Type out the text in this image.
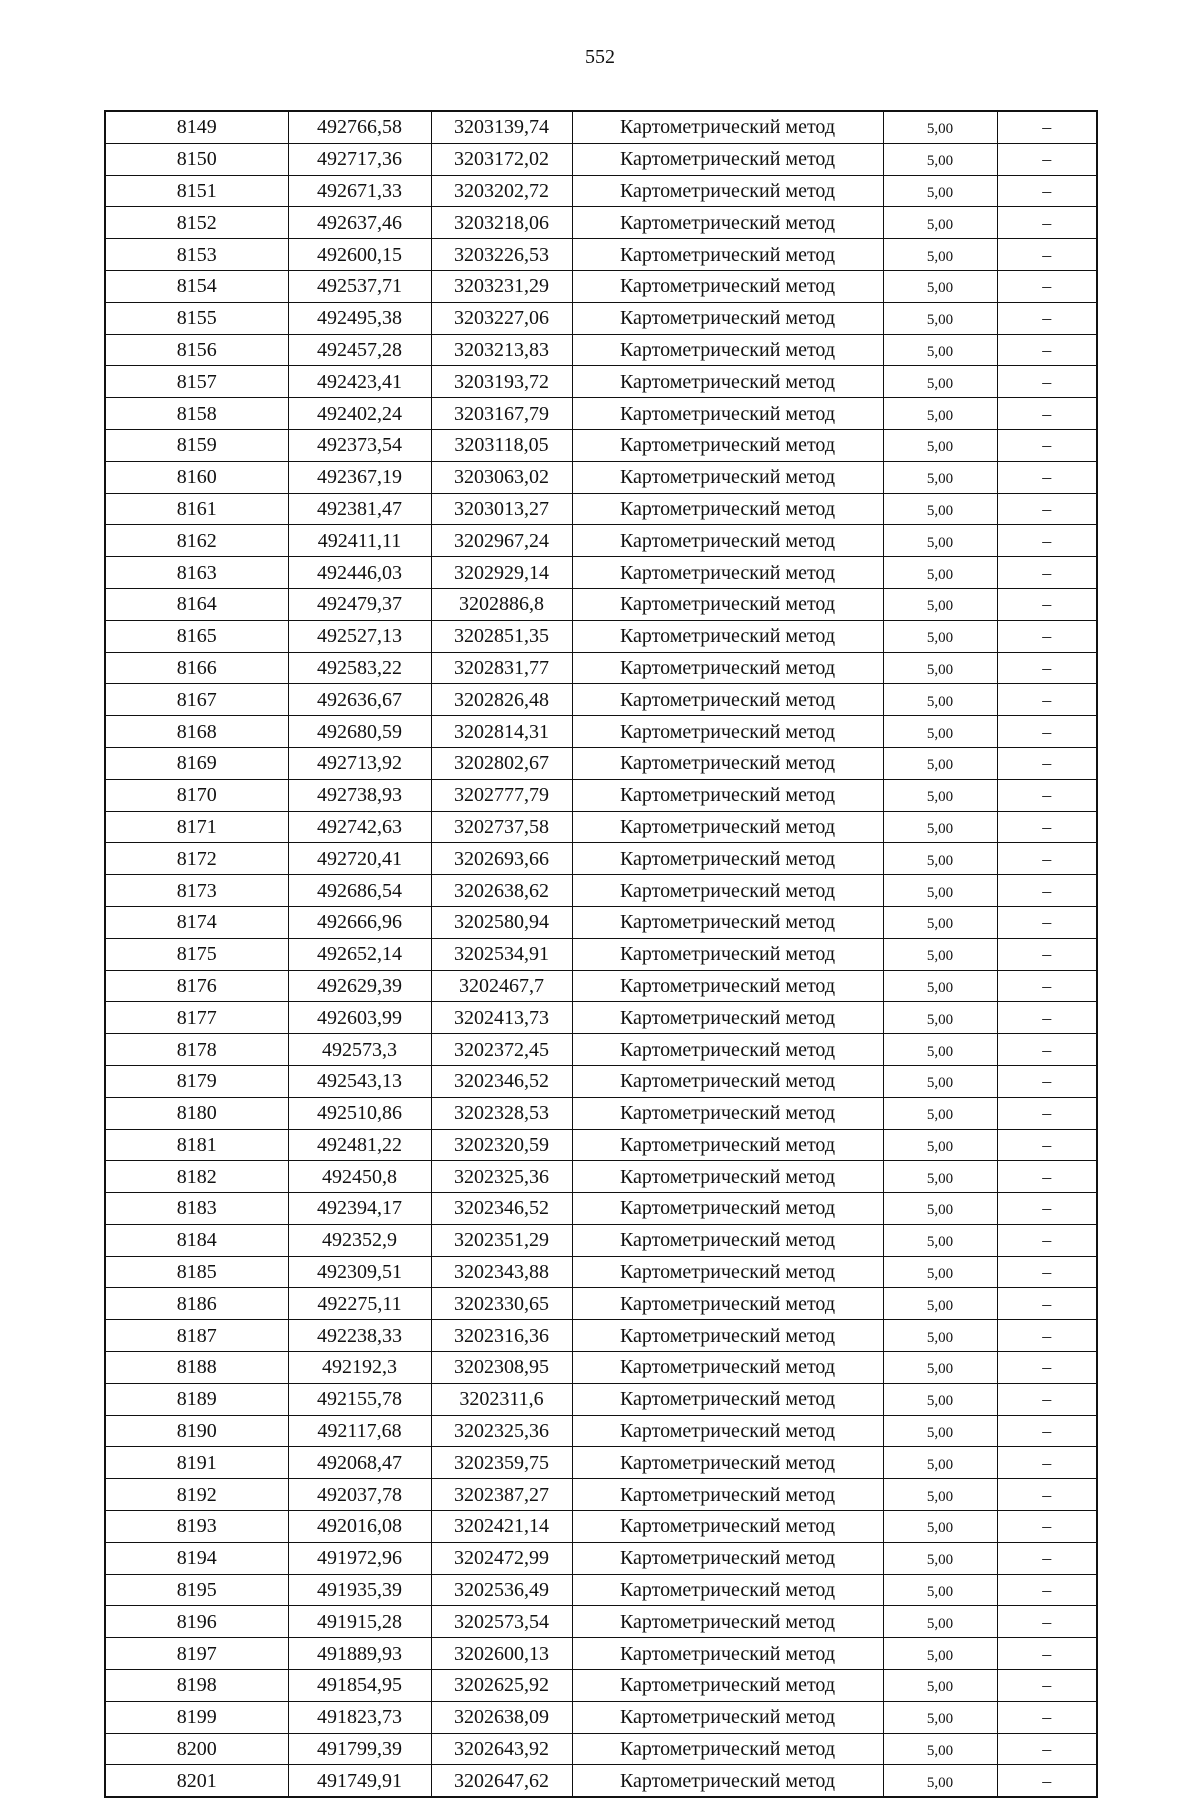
552
8149	492766,58	3203139,74	Картометрический метод	5,00	–
8150	492717,36	3203172,02	Картометрический метод	5,00	–
8151	492671,33	3203202,72	Картометрический метод	5,00	–
8152	492637,46	3203218,06	Картометрический метод	5,00	–
8153	492600,15	3203226,53	Картометрический метод	5,00	–
8154	492537,71	3203231,29	Картометрический метод	5,00	–
8155	492495,38	3203227,06	Картометрический метод	5,00	–
8156	492457,28	3203213,83	Картометрический метод	5,00	–
8157	492423,41	3203193,72	Картометрический метод	5,00	–
8158	492402,24	3203167,79	Картометрический метод	5,00	–
8159	492373,54	3203118,05	Картометрический метод	5,00	–
8160	492367,19	3203063,02	Картометрический метод	5,00	–
8161	492381,47	3203013,27	Картометрический метод	5,00	–
8162	492411,11	3202967,24	Картометрический метод	5,00	–
8163	492446,03	3202929,14	Картометрический метод	5,00	–
8164	492479,37	3202886,8	Картометрический метод	5,00	–
8165	492527,13	3202851,35	Картометрический метод	5,00	–
8166	492583,22	3202831,77	Картометрический метод	5,00	–
8167	492636,67	3202826,48	Картометрический метод	5,00	–
8168	492680,59	3202814,31	Картометрический метод	5,00	–
8169	492713,92	3202802,67	Картометрический метод	5,00	–
8170	492738,93	3202777,79	Картометрический метод	5,00	–
8171	492742,63	3202737,58	Картометрический метод	5,00	–
8172	492720,41	3202693,66	Картометрический метод	5,00	–
8173	492686,54	3202638,62	Картометрический метод	5,00	–
8174	492666,96	3202580,94	Картометрический метод	5,00	–
8175	492652,14	3202534,91	Картометрический метод	5,00	–
8176	492629,39	3202467,7	Картометрический метод	5,00	–
8177	492603,99	3202413,73	Картометрический метод	5,00	–
8178	492573,3	3202372,45	Картометрический метод	5,00	–
8179	492543,13	3202346,52	Картометрический метод	5,00	–
8180	492510,86	3202328,53	Картометрический метод	5,00	–
8181	492481,22	3202320,59	Картометрический метод	5,00	–
8182	492450,8	3202325,36	Картометрический метод	5,00	–
8183	492394,17	3202346,52	Картометрический метод	5,00	–
8184	492352,9	3202351,29	Картометрический метод	5,00	–
8185	492309,51	3202343,88	Картометрический метод	5,00	–
8186	492275,11	3202330,65	Картометрический метод	5,00	–
8187	492238,33	3202316,36	Картометрический метод	5,00	–
8188	492192,3	3202308,95	Картометрический метод	5,00	–
8189	492155,78	3202311,6	Картометрический метод	5,00	–
8190	492117,68	3202325,36	Картометрический метод	5,00	–
8191	492068,47	3202359,75	Картометрический метод	5,00	–
8192	492037,78	3202387,27	Картометрический метод	5,00	–
8193	492016,08	3202421,14	Картометрический метод	5,00	–
8194	491972,96	3202472,99	Картометрический метод	5,00	–
8195	491935,39	3202536,49	Картометрический метод	5,00	–
8196	491915,28	3202573,54	Картометрический метод	5,00	–
8197	491889,93	3202600,13	Картометрический метод	5,00	–
8198	491854,95	3202625,92	Картометрический метод	5,00	–
8199	491823,73	3202638,09	Картометрический метод	5,00	–
8200	491799,39	3202643,92	Картометрический метод	5,00	–
8201	491749,91	3202647,62	Картометрический метод	5,00	–
